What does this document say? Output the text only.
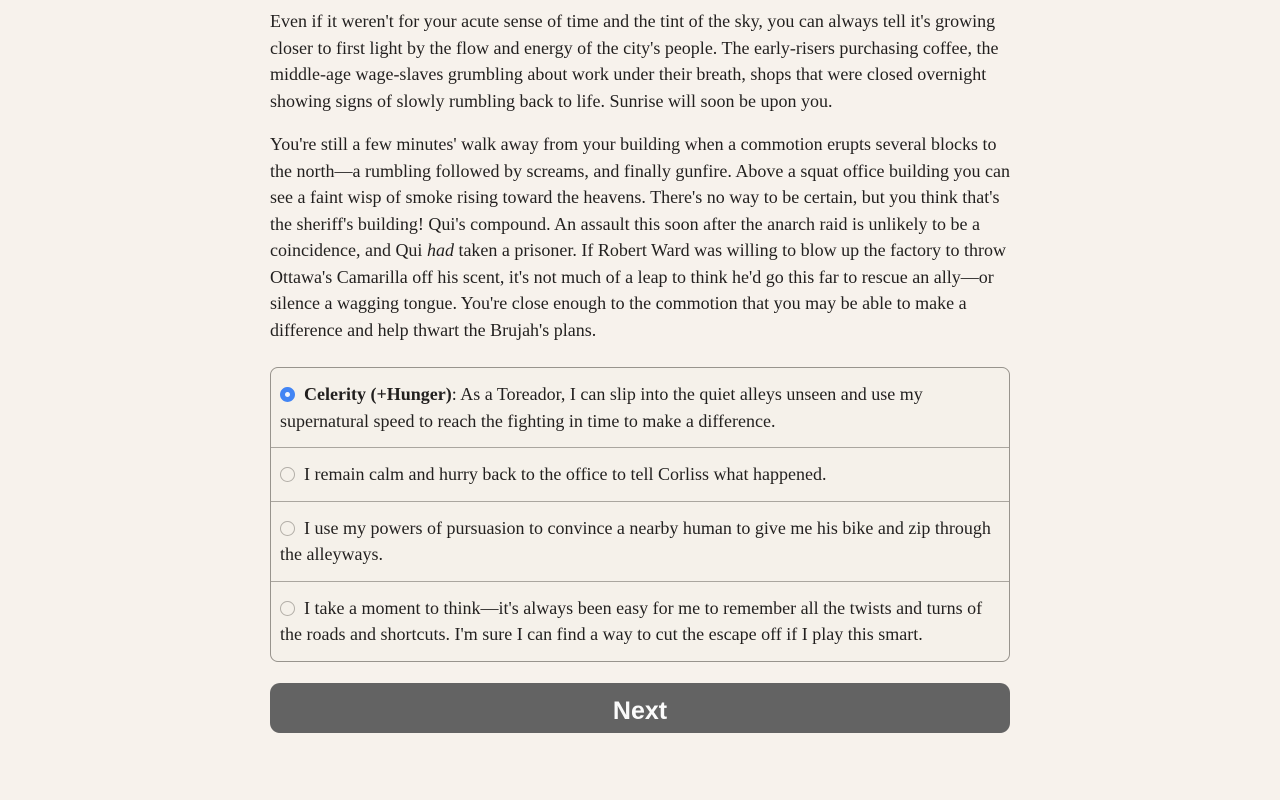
Even if it weren't for your acute sense of time and the tint of the sky, you can always tell it's growing closer to first light by the flow and energy of the city's people. The early-risers purchasing coffee, the middle-age wage-slaves grumbling about work under their breath, shops that were closed overnight showing signs of slowly rumbling back to life. Sunrise will soon be upon you.

You're still a few minutes' walk away from your building when a commotion erupts several blocks to the north—a rumbling followed by screams, and finally gunfire. Above a squat office building you can see a faint wisp of smoke rising toward the heavens. There's no way to be certain, but you think that's the sheriff's building! Qui's compound. An assault this soon after the anarch raid is unlikely to be a coincidence, and Qui had taken a prisoner. If Robert Ward was willing to blow up the factory to throw Ottawa's Camarilla off his scent, it's not much of a leap to think he'd go this far to rescue an ally—or silence a wagging tongue. You're close enough to the commotion that you may be able to make a difference and help thwart the Brujah's plans.

Celerity (+Hunger): As a Toreador, I can slip into the quiet alleys unseen and use my supernatural speed to reach the fighting in time to make a difference.
I remain calm and hurry back to the office to tell Corliss what happened.
I use my powers of pursuasion to convince a nearby human to give me his bike and zip through the alleyways.
I take a moment to think—it's always been easy for me to remember all the twists and turns of the roads and shortcuts. I'm sure I can find a way to cut the escape off if I play this smart.
Next
